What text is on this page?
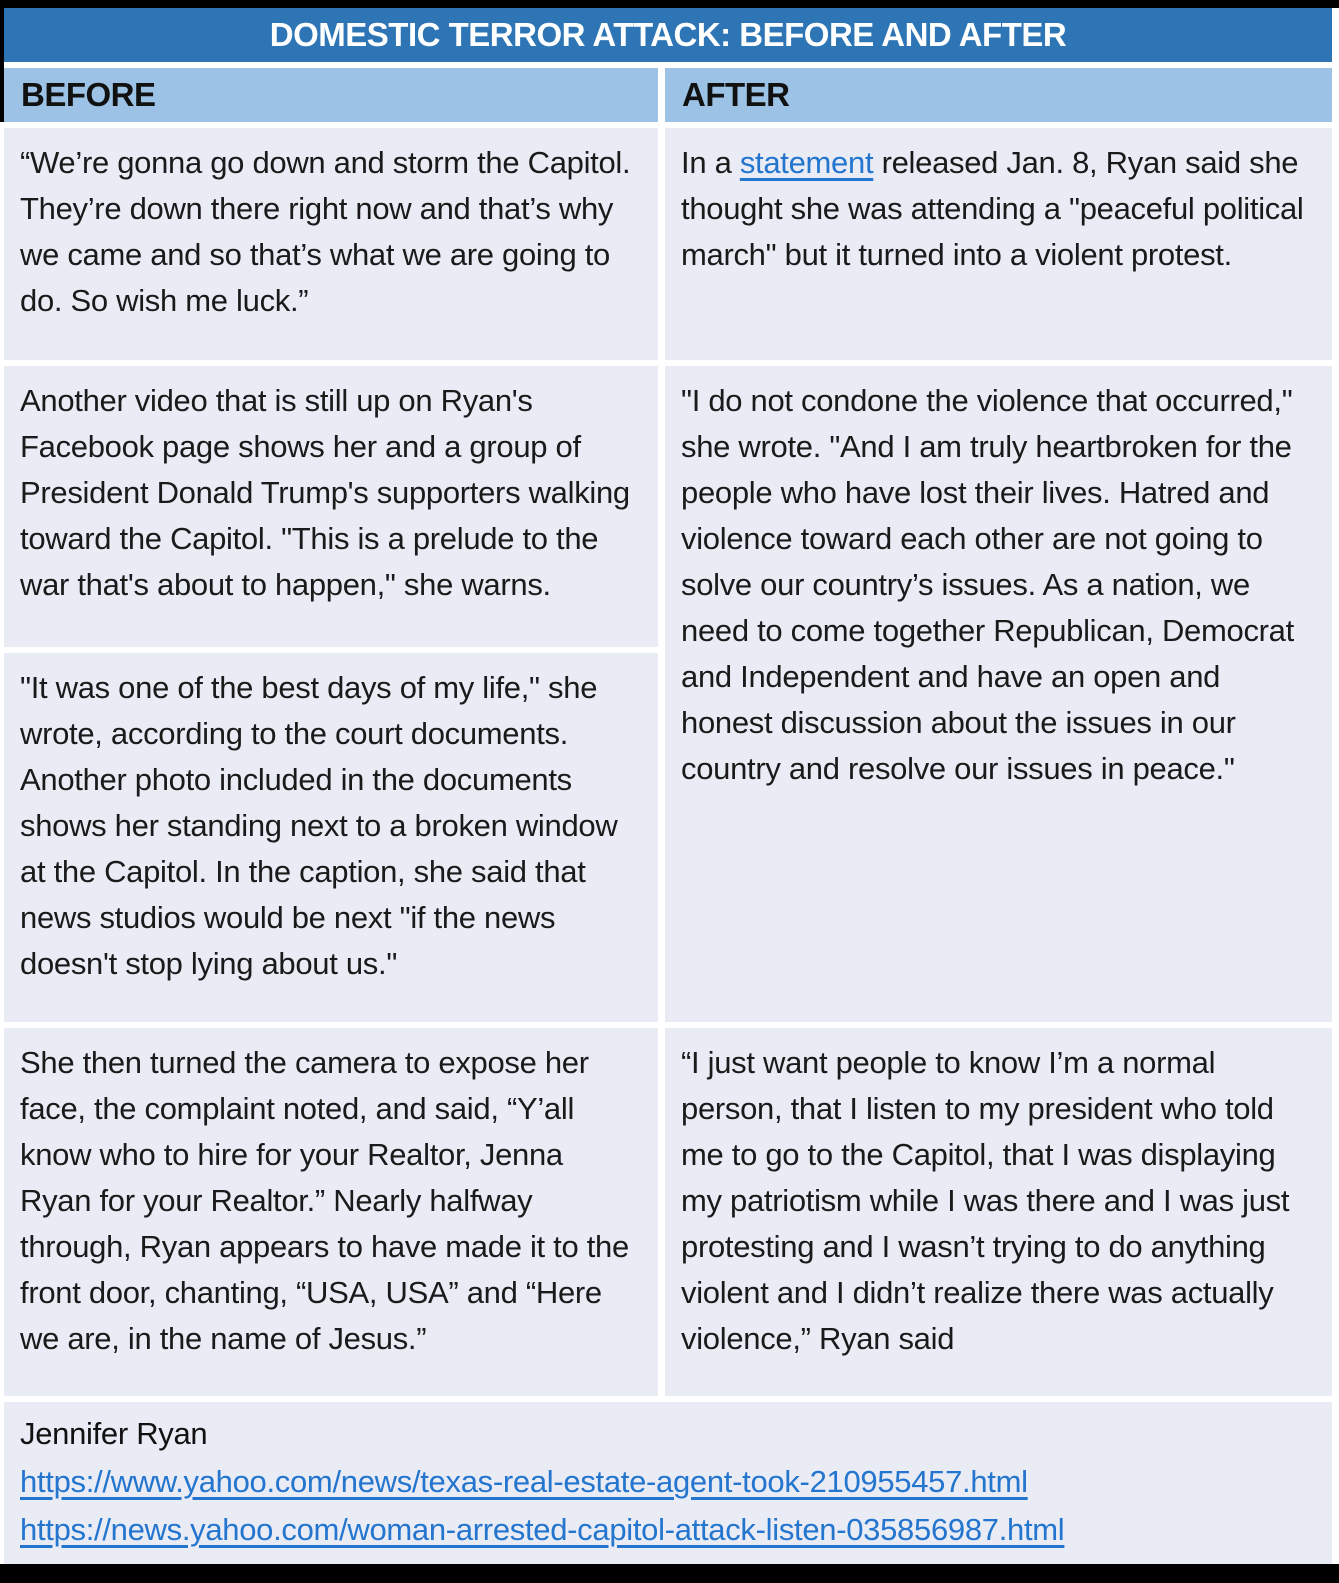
DOMESTIC TERROR ATTACK: BEFORE AND AFTER
BEFORE	AFTER
“We’re gonna go down and storm the Capitol. They’re down there right now and that’s why we came and so that’s what we are going to do. So wish me luck.”
In a statement released Jan. 8, Ryan said she thought she was attending a "peaceful political march" but it turned into a violent protest.
Another video that is still up on Ryan's Facebook page shows her and a group of President Donald Trump's supporters walking toward the Capitol. "This is a prelude to the war that's about to happen," she warns.
"I do not condone the violence that occurred," she wrote. "And I am truly heartbroken for the people who have lost their lives. Hatred and violence toward each other are not going to solve our country’s issues. As a nation, we need to come together Republican, Democrat and Independent and have an open and honest discussion about the issues in our country and resolve our issues in peace."
"It was one of the best days of my life," she wrote, according to the court documents. Another photo included in the documents shows her standing next to a broken window at the Capitol. In the caption, she said that news studios would be next "if the news doesn't stop lying about us."
She then turned the camera to expose her face, the complaint noted, and said, “Y’all know who to hire for your Realtor, Jenna Ryan for your Realtor.” Nearly halfway through, Ryan appears to have made it to the front door, chanting, “USA, USA” and “Here we are, in the name of Jesus.”
“I just want people to know I’m a normal person, that I listen to my president who told me to go to the Capitol, that I was displaying my patriotism while I was there and I was just protesting and I wasn’t trying to do anything violent and I didn’t realize there was actually violence,” Ryan said
Jennifer Ryan
https://www.yahoo.com/news/texas-real-estate-agent-took-210955457.html
https://news.yahoo.com/woman-arrested-capitol-attack-listen-035856987.html
